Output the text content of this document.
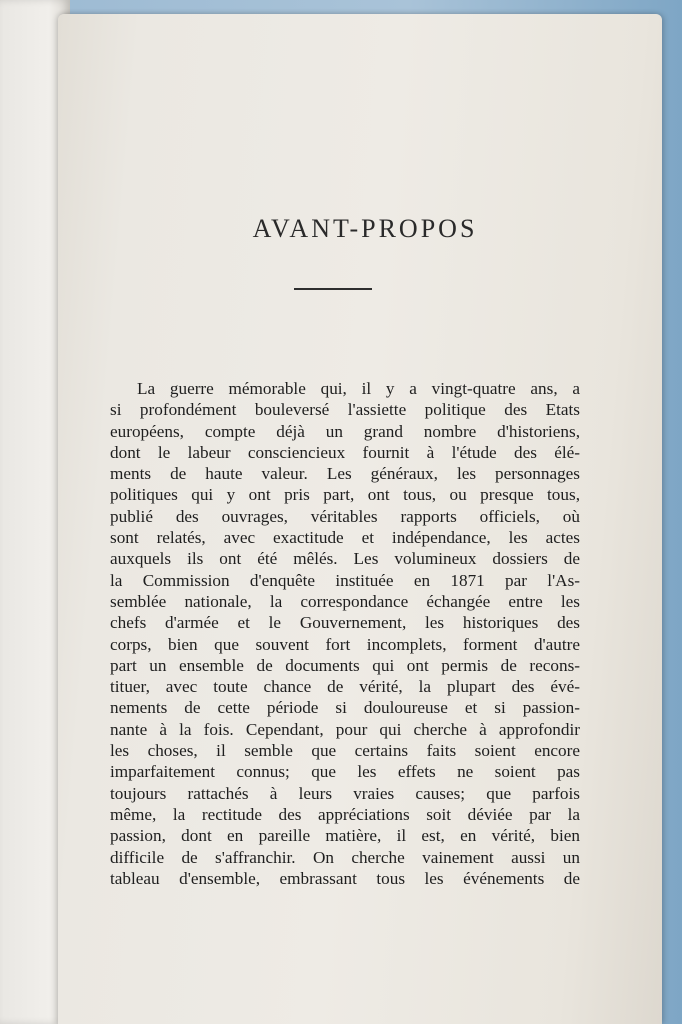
AVANT-PROPOS
La guerre mémorable qui, il y a vingt-quatre ans, a
si profondément bouleversé l'assiette politique des Etats
européens, compte déjà un grand nombre d'historiens,
dont le labeur consciencieux fournit à l'étude des élé-
ments de haute valeur. Les généraux, les personnages
politiques qui y ont pris part, ont tous, ou presque tous,
publié des ouvrages, véritables rapports officiels, où
sont relatés, avec exactitude et indépendance, les actes
auxquels ils ont été mêlés. Les volumineux dossiers de
la Commission d'enquête instituée en 1871 par l'As-
semblée nationale, la correspondance échangée entre les
chefs d'armée et le Gouvernement, les historiques des
corps, bien que souvent fort incomplets, forment d'autre
part un ensemble de documents qui ont permis de recons-
tituer, avec toute chance de vérité, la plupart des évé-
nements de cette période si douloureuse et si passion-
nante à la fois. Cependant, pour qui cherche à approfondir
les choses, il semble que certains faits soient encore
imparfaitement connus; que les effets ne soient pas
toujours rattachés à leurs vraies causes; que parfois
même, la rectitude des appréciations soit déviée par la
passion, dont en pareille matière, il est, en vérité, bien
difficile de s'affranchir. On cherche vainement aussi un
tableau d'ensemble, embrassant tous les événements de
